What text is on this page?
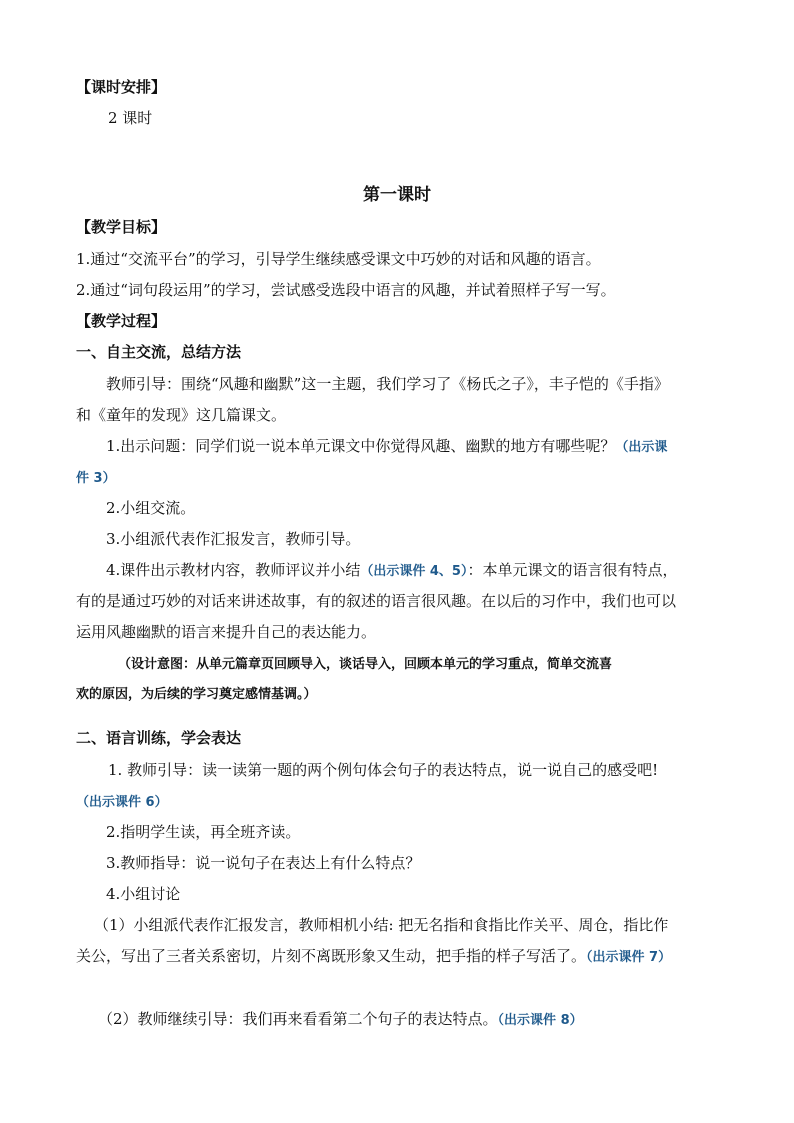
【课时安排】
2 课时
第一课时
【教学目标】
1.通过“交流平台”的学习，引导学生继续感受课文中巧妙的对话和风趣的语言。
2.通过“词句段运用”的学习，尝试感受选段中语言的风趣，并试着照样子写一写。
【教学过程】
一、自主交流，总结方法
教师引导：围绕“风趣和幽默”这一主题，我们学习了《杨氏之子》，丰子恺的《手指》
和《童年的发现》这几篇课文。
1.出示问题：同学们说一说本单元课文中你觉得风趣、幽默的地方有哪些呢？（出示课
件 3）
2.小组交流。
3.小组派代表作汇报发言，教师引导。
4.课件出示教材内容，教师评议并小结（出示课件 4、5）：本单元课文的语言很有特点，
有的是通过巧妙的对话来讲述故事，有的叙述的语言很风趣。在以后的习作中，我们也可以
运用风趣幽默的语言来提升自己的表达能力。
（设计意图：从单元篇章页回顾导入，谈话导入，回顾本单元的学习重点，简单交流喜
欢的原因，为后续的学习奠定感情基调。）
二、语言训练，学会表达
1. 教师引导：读一读第一题的两个例句体会句子的表达特点，说一说自己的感受吧!
（出示课件 6）
2.指明学生读，再全班齐读。
3.教师指导：说一说句子在表达上有什么特点？
4.小组讨论
（1）小组派代表作汇报发言，教师相机小结: 把无名指和食指比作关平、周仓，指比作
关公，写出了三者关系密切，片刻不离既形象又生动，把手指的样子写活了。（出示课件 7）
（2）教师继续引导：我们再来看看第二个句子的表达特点。（出示课件 8）
